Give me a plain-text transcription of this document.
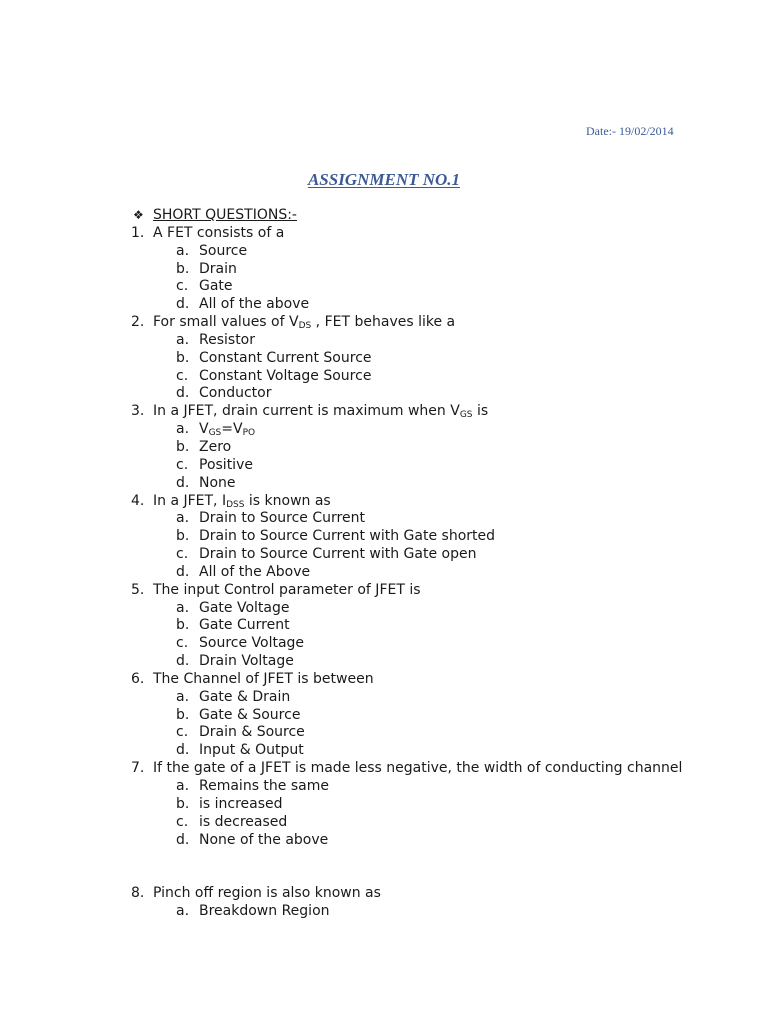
Date:- 19/02/2014
ASSIGNMENT NO.1
❖ SHORT QUESTIONS:-
1. A FET consists of a
a. Source
b. Drain
c. Gate
d. All of the above
2. For small values of $V_{DS}$ , FET behaves like a
a. Resistor
b. Constant Current Source
c. Constant Voltage Source
d. Conductor
3. In a JFET, drain current is maximum when $V_{GS}$ is
a. $V_{GS}=V_{PO}$
b. Zero
c. Positive
d. None
4. In a JFET, $I_{DSS}$ is known as
a. Drain to Source Current
b. Drain to Source Current with Gate shorted
c. Drain to Source Current with Gate open
d. All of the Above
5. The input Control parameter of JFET is
a. Gate Voltage
b. Gate Current
c. Source Voltage
d. Drain Voltage
6. The Channel of JFET is between
a. Gate & Drain
b. Gate & Source
c. Drain & Source
d. Input & Output
7. If the gate of a JFET is made less negative, the width of conducting channel
a. Remains the same
b. is increased
c. is decreased
d. None of the above
8. Pinch off region is also known as
a. Breakdown Region
